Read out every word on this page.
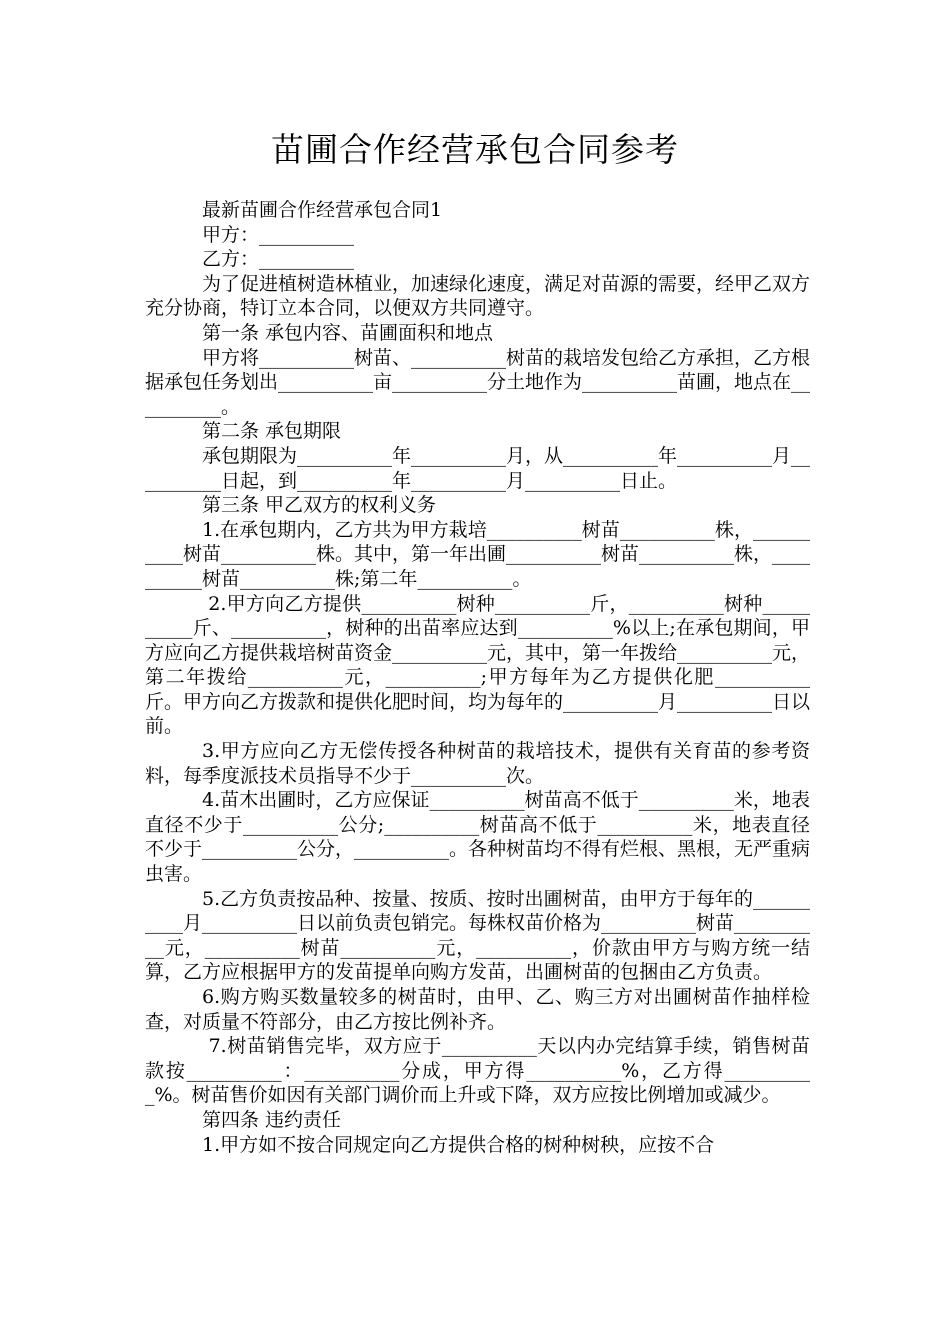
苗圃合作经营承包合同参考

最新苗圃合作经营承包合同1

甲方：__________

乙方：__________

为了促进植树造林植业，加速绿化速度，满足对苗源的需要，经甲乙双方充分协商，特订立本合同，以便双方共同遵守。

第一条 承包内容、苗圃面积和地点

甲方将__________树苗、__________树苗的栽培发包给乙方承担，乙方根据承包任务划出__________亩__________分土地作为__________苗圃，地点在__________。

第二条 承包期限

承包期限为__________年__________月，从__________年__________月__________日起，到__________年__________月__________日止。

第三条 甲乙双方的权利义务

1.在承包期内，乙方共为甲方栽培__________树苗__________株，__________树苗__________株。其中，第一年出圃__________树苗__________株，__________树苗__________株;第二年__________。

2.甲方向乙方提供__________树种__________斤，__________树种__________斤、__________，树种的出苗率应达到__________%以上;在承包期间，甲方应向乙方提供栽培树苗资金__________元，其中，第一年拨给__________元，第二年拨给__________元，__________;甲方每年为乙方提供化肥__________斤。甲方向乙方拨款和提供化肥时间，均为每年的__________月__________日以前。

3.甲方应向乙方无偿传授各种树苗的栽培技术，提供有关育苗的参考资料，每季度派技术员指导不少于__________次。

4.苗木出圃时，乙方应保证__________树苗高不低于__________米，地表直径不少于__________公分;__________树苗高不低于__________米，地表直径不少于__________公分，__________。各种树苗均不得有烂根、黑根，无严重病虫害。

5.乙方负责按品种、按量、按质、按时出圃树苗，由甲方于每年的__________月__________日以前负责包销完。每株权苗价格为__________树苗__________元，__________树苗__________元，__________，价款由甲方与购方统一结算，乙方应根据甲方的发苗提单向购方发苗，出圃树苗的包捆由乙方负责。

6.购方购买数量较多的树苗时，由甲、乙、购三方对出圃树苗作抽样检查，对质量不符部分，由乙方按比例补齐。

7.树苗销售完毕，双方应于__________天以内办完结算手续，销售树苗款按__________：__________分成，甲方得__________%，乙方得__________%。树苗售价如因有关部门调价而上升或下降，双方应按比例增加或减少。

第四条 违约责任

1.甲方如不按合同规定向乙方提供合格的树种树秧，应按不合
